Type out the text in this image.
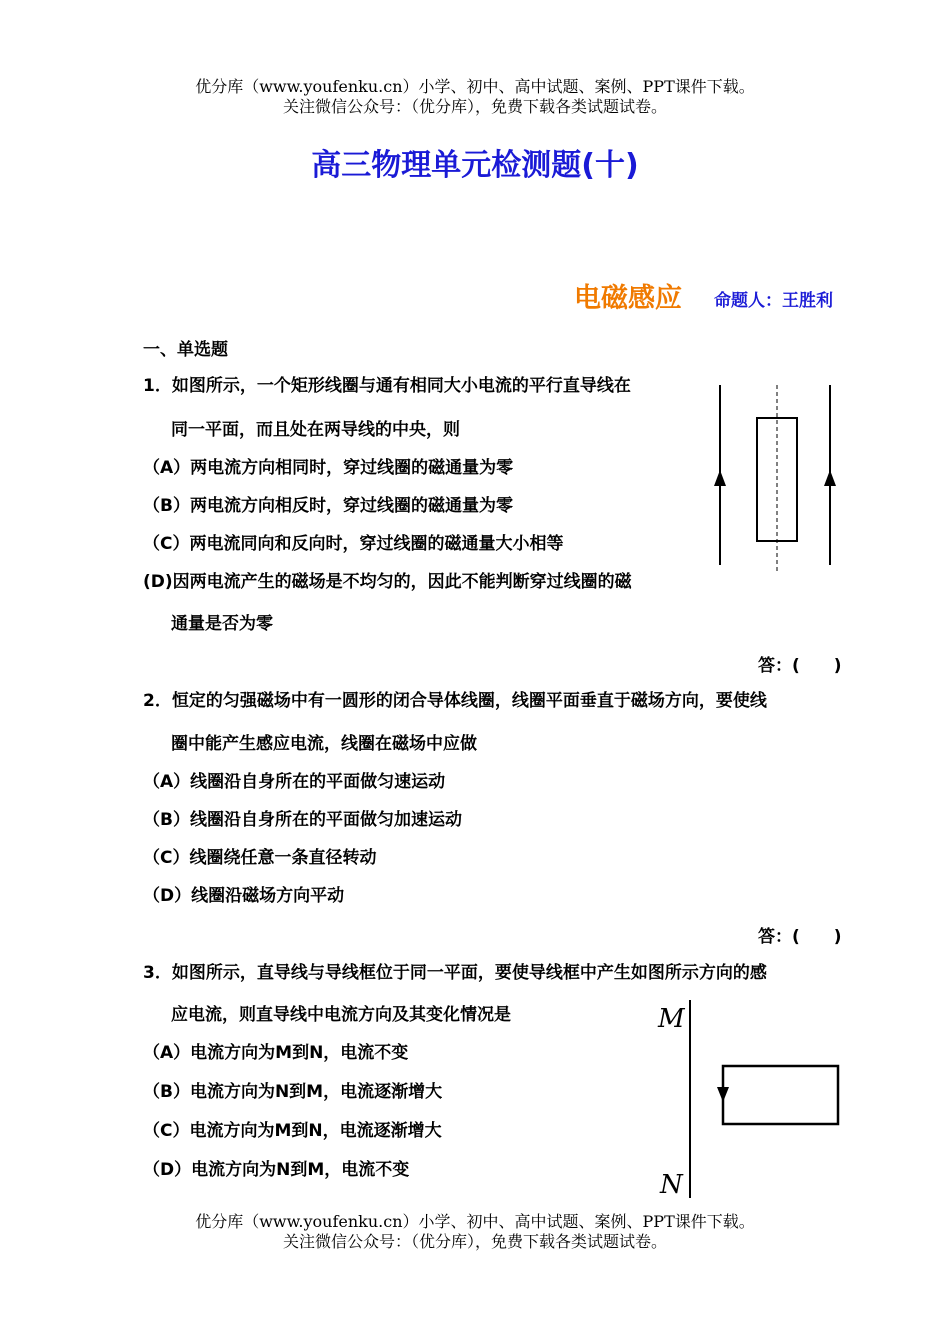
优分库（www.youfenku.cn）小学、初中、高中试题、案例、PPT课件下载。
关注微信公众号：（优分库），免费下载各类试题试卷。
高三物理单元检测题(十)
电磁感应 命题人：王胜利
一、单选题
1．如图所示，一个矩形线圈与通有相同大小电流的平行直导线在
同一平面，而且处在两导线的中央，则
（A）两电流方向相同时，穿过线圈的磁通量为零
（B）两电流方向相反时，穿过线圈的磁通量为零
（C）两电流同向和反向时，穿过线圈的磁通量大小相等
(D)因两电流产生的磁场是不均匀的，因此不能判断穿过线圈的磁
通量是否为零
答：(　　)
2．恒定的匀强磁场中有一圆形的闭合导体线圈，线圈平面垂直于磁场方向，要使线
圈中能产生感应电流，线圈在磁场中应做
（A）线圈沿自身所在的平面做匀速运动
（B）线圈沿自身所在的平面做匀加速运动
（C）线圈绕任意一条直径转动
（D）线圈沿磁场方向平动
答：(　　)
3．如图所示，直导线与导线框位于同一平面，要使导线框中产生如图所示方向的感
应电流，则直导线中电流方向及其变化情况是
（A）电流方向为M到N，电流不变
（B）电流方向为N到M，电流逐渐增大
（C）电流方向为M到N，电流逐渐增大
（D）电流方向为N到M，电流不变
M
N
优分库（www.youfenku.cn）小学、初中、高中试题、案例、PPT课件下载。
关注微信公众号：（优分库），免费下载各类试题试卷。
